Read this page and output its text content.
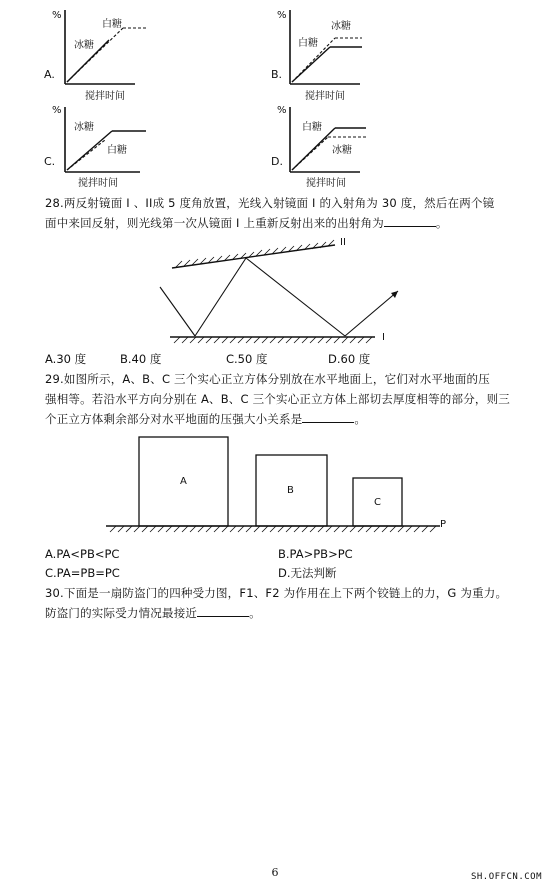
%
白糖
冰糖
A.
搅拌时间
%
冰糖
白糖
B.
搅拌时间
%
冰糖
白糖
C.
搅拌时间
%
白糖
冰糖
D.
搅拌时间
28.两反射镜面 I 、II成 5 度角放置，光线入射镜面 I 的入射角为 30 度，然后在两个镜
面中来回反射，则光线第一次从镜面 I 上重新反射出来的出射角为	。
II
I
A.30 度	B.40 度	C.50 度	D.60 度
29.如图所示，A、B、C 三个实心正立方体分别放在水平地面上，它们对水平地面的压
强相等。若沿水平方向分别在 A、B、C 三个实心正立方体上部切去厚度相等的部分，则三
个正立方体剩余部分对水平地面的压强大小关系是	。
A
B
C
P
A.PA<PB<PC	B.PA>PB>PC
C.PA=PB=PC	D.无法判断
30.下面是一扇防盗门的四种受力图，F1、F2 为作用在上下两个铰链上的力，G 为重力。
防盗门的实际受力情况最接近	。
6	SH.OFFCN.COM
